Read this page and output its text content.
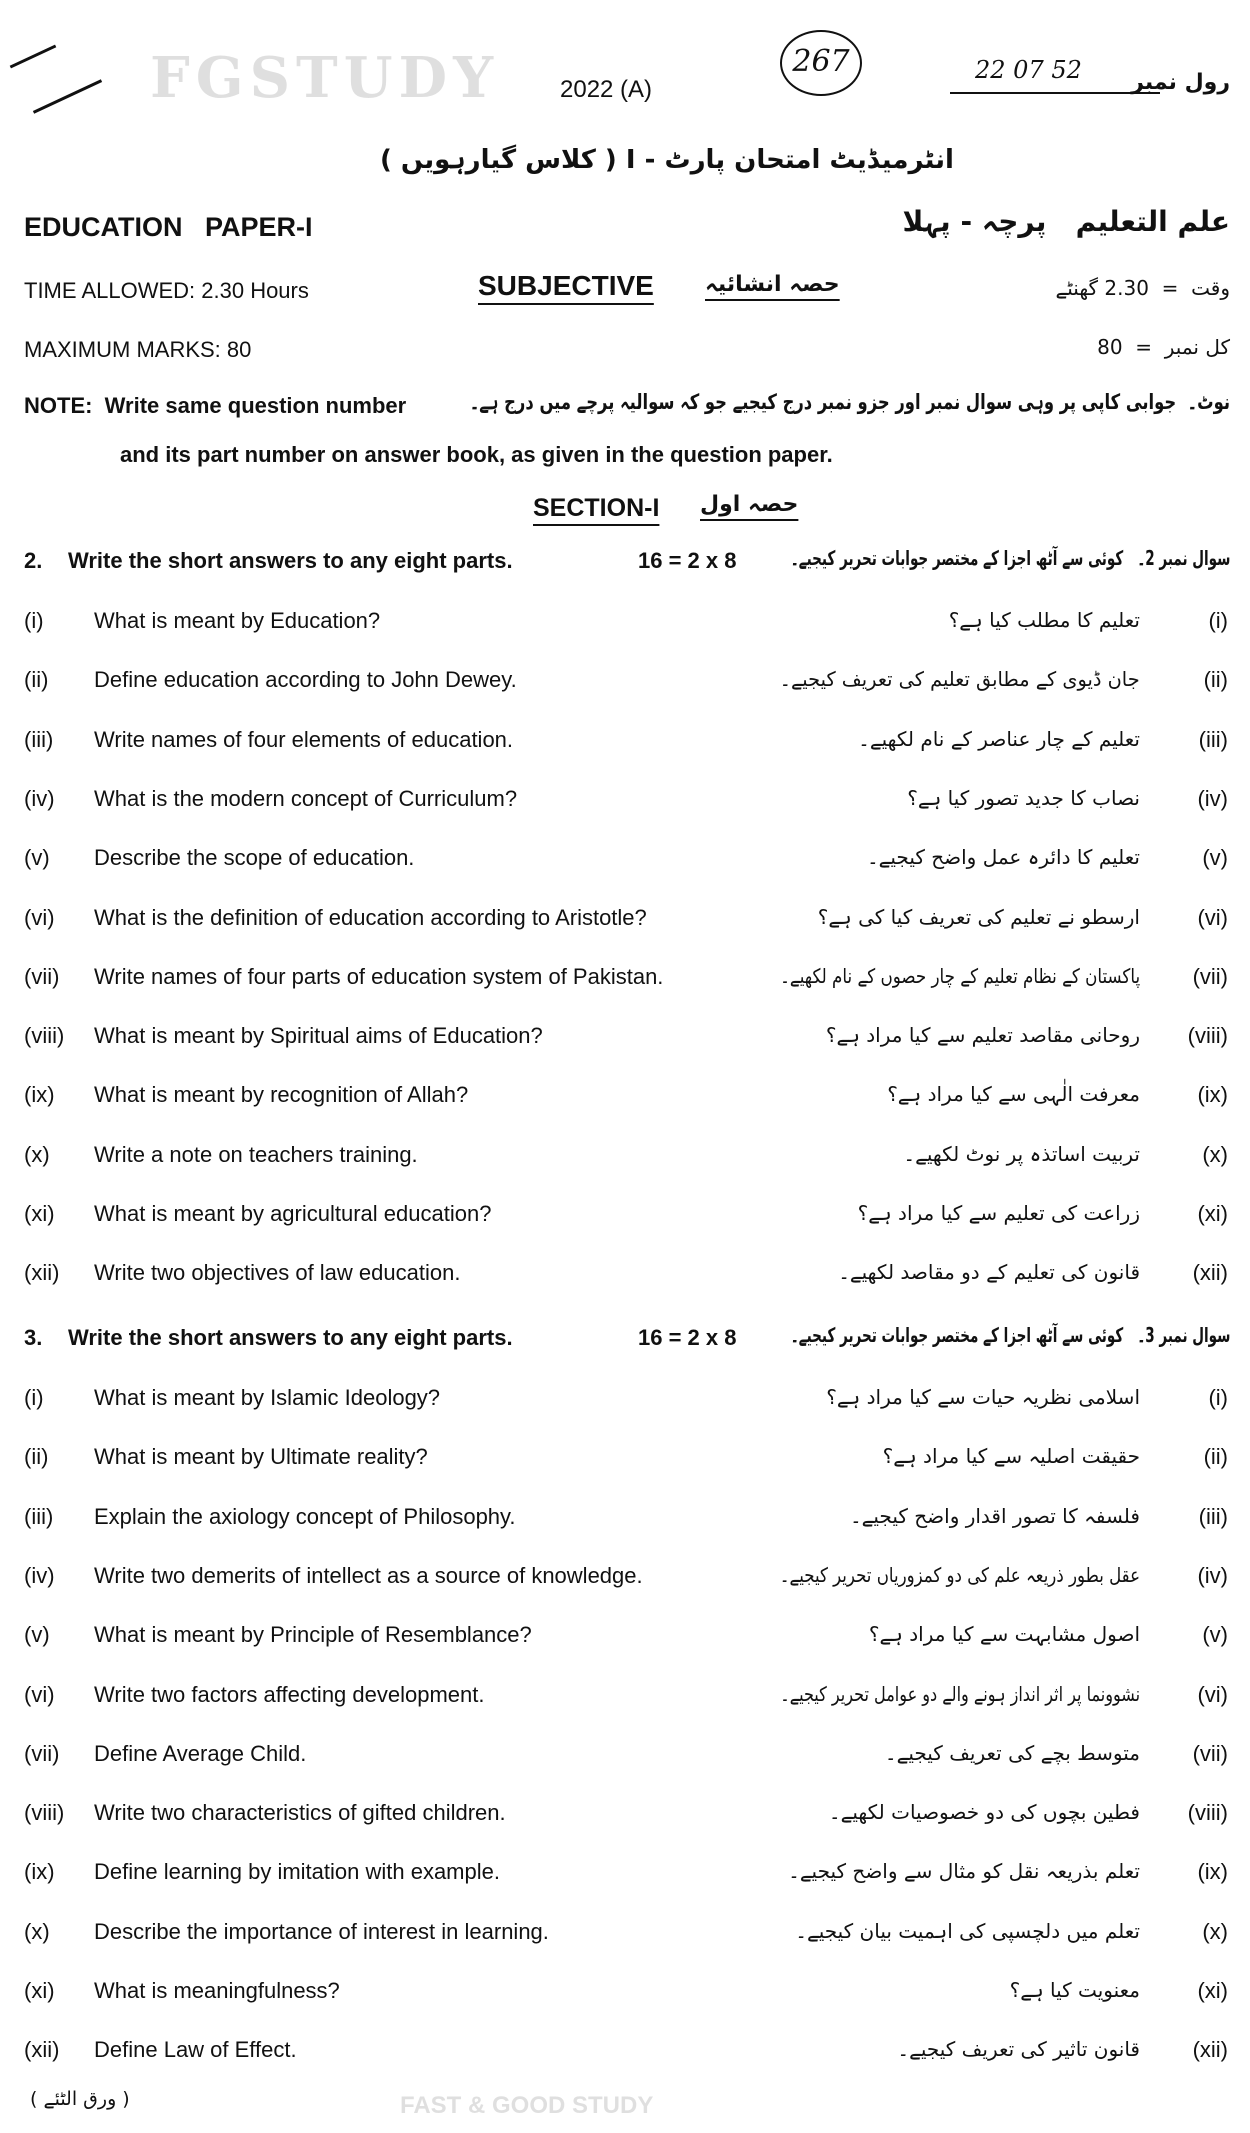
FGSTUDY	2022 (A)
267	22 07 52 رول نمبر
انٹرمیڈیٹ امتحان پارٹ - I ( کلاس گیارہویں )
EDUCATION   PAPER-I	علم التعلیم   پرچہ - پہلا
TIME ALLOWED: 2.30 Hours	SUBJECTIVE حصہ انشائیہ	وقت  =  2.30 گھنٹے
MAXIMUM MARKS: 80	کل نمبر  =  80
NOTE:  Write same question number	نوٹ۔  جوابی کاپی پر وہی سوال نمبر اور جزو نمبر درج کیجیے جو کہ سوالیہ پرچے میں درج ہے۔
and its part number on answer book, as given in the question paper.
SECTION-I حصہ اول
2. Write the short answers to any eight parts.	16 = 2 x 8	سوال نمبر 2۔   کوئی سے آٹھ اجزا کے مختصر جوابات تحریر کیجیے۔
(i) What is meant by Education?	تعلیم کا مطلب کیا ہے؟	(i)
(ii) Define education according to John Dewey.	جان ڈیوی کے مطابق تعلیم کی تعریف کیجیے۔	(ii)
(iii) Write names of four elements of education.	تعلیم کے چار عناصر کے نام لکھیے۔	(iii)
(iv) What is the modern concept of Curriculum?	نصاب کا جدید تصور کیا ہے؟	(iv)
(v) Describe the scope of education.	تعلیم کا دائرہ عمل واضح کیجیے۔	(v)
(vi) What is the definition of education according to Aristotle?	ارسطو نے تعلیم کی تعریف کیا کی ہے؟	(vi)
(vii) Write names of four parts of education system of Pakistan.	پاکستان کے نظام تعلیم کے چار حصوں کے نام لکھیے۔ (vii)
(viii) What is meant by Spiritual aims of Education?	روحانی مقاصد تعلیم سے کیا مراد ہے؟ (viii)
(ix) What is meant by recognition of Allah?	معرفت الٰہی سے کیا مراد ہے؟	(ix)
(x) Write a note on teachers training.	تربیت اساتذہ پر نوٹ لکھیے۔	(x)
(xi) What is meant by agricultural education?	زراعت کی تعلیم سے کیا مراد ہے؟	(xi)
(xii) Write two objectives of law education.	قانون کی تعلیم کے دو مقاصد لکھیے۔ (xii)
3. Write the short answers to any eight parts.	16 = 2 x 8	سوال نمبر 3۔   کوئی سے آٹھ اجزا کے مختصر جوابات تحریر کیجیے۔
(i) What is meant by Islamic Ideology?	اسلامی نظریہ حیات سے کیا مراد ہے؟	(i)
(ii) What is meant by Ultimate reality?	حقیقت اصلیہ سے کیا مراد ہے؟	(ii)
(iii) Explain the axiology concept of Philosophy.	فلسفہ کا تصور اقدار واضح کیجیے۔	(iii)
(iv) Write two demerits of intellect as a source of knowledge.	عقل بطور ذریعہ علم کی دو کمزوریاں تحریر کیجیے۔	(iv)
(v) What is meant by Principle of Resemblance?	اصول مشابہت سے کیا مراد ہے؟	(v)
(vi) Write two factors affecting development.	نشوونما پر اثر انداز ہونے والے دو عوامل تحریر کیجیے۔	(vi)
(vii) Define Average Child.	متوسط بچے کی تعریف کیجیے۔ (vii)
(viii) Write two characteristics of gifted children.	فطین بچوں کی دو خصوصیات لکھیے۔ (viii)
(ix) Define learning by imitation with example.	تعلم بذریعہ نقل کو مثال سے واضح کیجیے۔	(ix)
(x) Describe the importance of interest in learning.	تعلم میں دلچسپی کی اہمیت بیان کیجیے۔	(x)
(xi) What is meaningfulness?	معنویت کیا ہے؟	(xi)
(xii) Define Law of Effect.	قانون تاثیر کی تعریف کیجیے۔ (xii)
( ورق الٹئے )	FAST & GOOD STUDY
